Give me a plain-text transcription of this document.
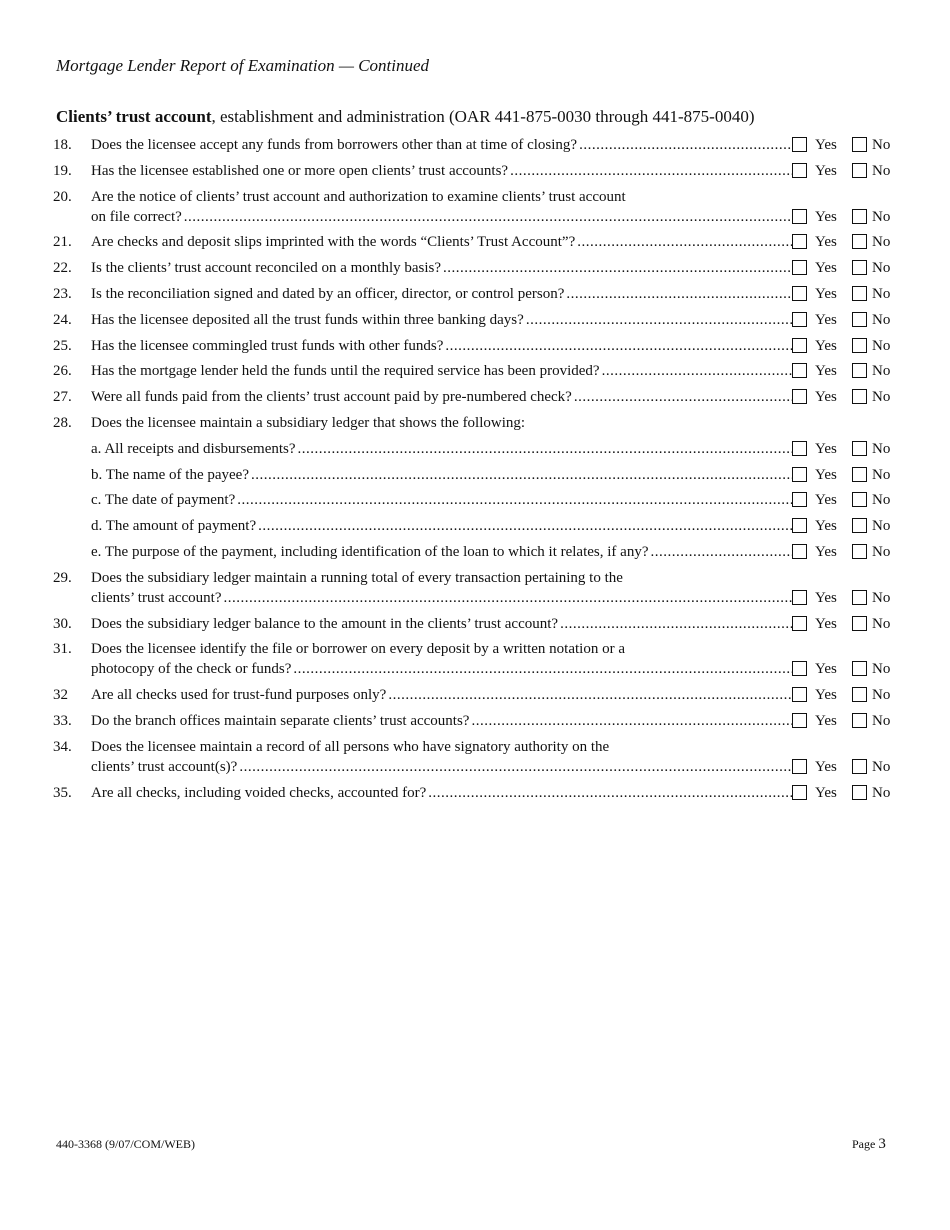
Mortgage Lender Report of Examination — Continued
Clients’ trust account, establishment and administration (OAR 441-875-0030 through 441-875-0040)
18. Does the licensee accept any funds from borrowers other than at time of closing? .....	Yes No
19. Has the licensee established one or more open clients’ trust accounts? .....	Yes No
20. Are the notice of clients’ trust account and authorization to examine clients’ trust account
on file correct? .....	Yes No
21. Are checks and deposit slips imprinted with the words “Clients’ Trust Account”? .....	Yes No
22. Is the clients’ trust account reconciled on a monthly basis? .....	Yes No
23. Is the reconciliation signed and dated by an officer, director, or control person? .....	Yes No
24. Has the licensee deposited all the trust funds within three banking days? .....	Yes No
25. Has the licensee commingled trust funds with other funds? .....	Yes No
26. Has the mortgage lender held the funds until the required service has been provided? .....	Yes No
27. Were all funds paid from the clients’ trust account paid by pre-numbered check? .....	Yes No
28. Does the licensee maintain a subsidiary ledger that shows the following:
a. All receipts and disbursements? .....	Yes No
b. The name of the payee? .....	Yes No
c. The date of payment? .....	Yes No
d. The amount of payment? .....	Yes No
e. The purpose of the payment, including identification of the loan to which it relates, if any? .....	Yes No
29. Does the subsidiary ledger maintain a running total of every transaction pertaining to the
clients’ trust account? .....	Yes No
30. Does the subsidiary ledger balance to the amount in the clients’ trust account? .....	Yes No
31. Does the licensee identify the file or borrower on every deposit by a written notation or a
photocopy of the check or funds? .....	Yes No
32 Are all checks used for trust-fund purposes only? .....	Yes No
33. Do the branch offices maintain separate clients’ trust accounts? .....	Yes No
34. Does the licensee maintain a record of all persons who have signatory authority on the
clients’ trust account(s)? .....	Yes No
35. Are all checks, including voided checks, accounted for? .....	Yes No
440-3368 (9/07/COM/WEB)	Page 3
